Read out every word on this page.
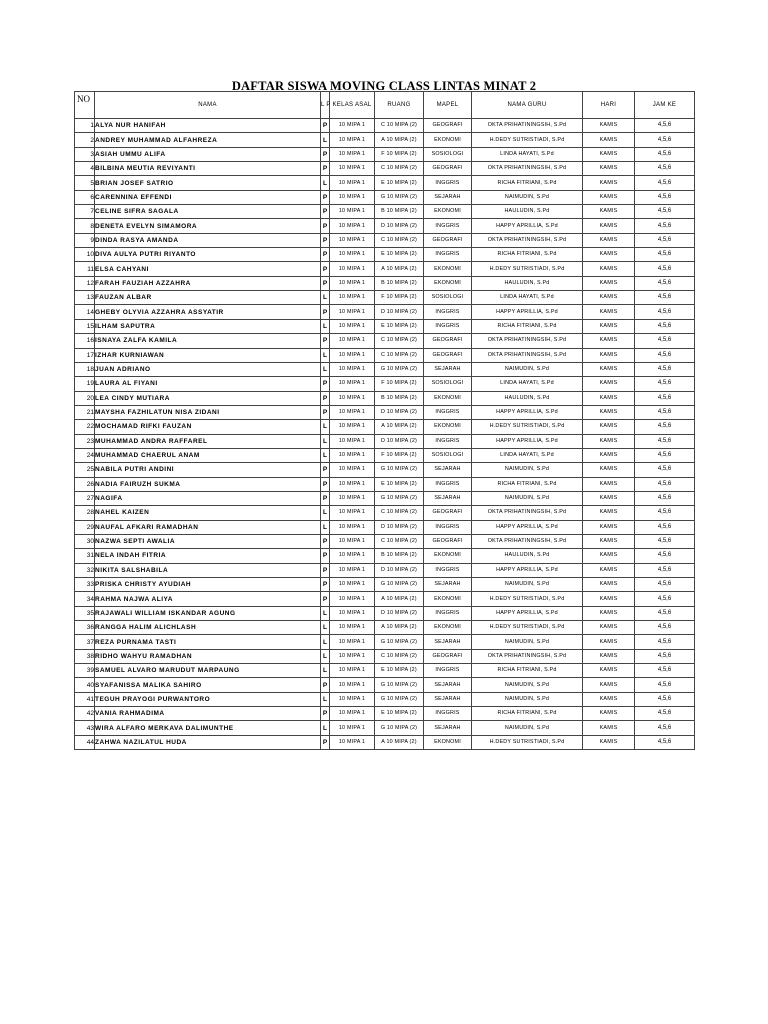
DAFTAR SISWA MOVING CLASS LINTAS MINAT 2
NO	NAMA	L P	KELAS ASAL	RUANG	MAPEL	NAMA GURU	HARI	JAM KE
1	ALYA NUR HANIFAH	P	10 MIPA 1	C 10 MIPA (2)	GEOGRAFI	OKTA PRIHATININGSIH, S.Pd	KAMIS	4,5,6
2	ANDREY MUHAMMAD ALFAHREZA	L	10 MIPA 1	A 10 MIPA (2)	EKONOMI	H.DEDY SUTRISTIADI, S.Pd	KAMIS	4,5,6
3	ASIAH UMMU ALIFA	P	10 MIPA 1	F 10 MIPA (2)	SOSIOLOGI	LINDA HAYATI, S.Pd	KAMIS	4,5,6
4	BILBINA MEUTIA REVIYANTI	P	10 MIPA 1	C 10 MIPA (2)	GEOGRAFI	OKTA PRIHATININGSIH, S.Pd	KAMIS	4,5,6
5	BRIAN JOSEF SATRIO	L	10 MIPA 1	E 10 MIPA (2)	INGGRIS	RICHA FITRIANI, S.Pd	KAMIS	4,5,6
6	CARENNINA EFFENDI	P	10 MIPA 1	G 10 MIPA (2)	SEJARAH	NAIMUDIN, S.Pd	KAMIS	4,5,6
7	CELINE SIFRA SAGALA	P	10 MIPA 1	B 10 MIPA (2)	EKONOMI	HAULUDIN, S.Pd	KAMIS	4,5,6
8	DENETA EVELYN SIMAMORA	P	10 MIPA 1	D 10 MIPA (2)	INGGRIS	HAPPY APRILLIA, S.Pd	KAMIS	4,5,6
9	DINDA RASYA AMANDA	P	10 MIPA 1	C 10 MIPA (2)	GEOGRAFI	OKTA PRIHATININGSIH, S.Pd	KAMIS	4,5,6
10	DIVA AULYA PUTRI RIYANTO	P	10 MIPA 1	E 10 MIPA (2)	INGGRIS	RICHA FITRIANI, S.Pd	KAMIS	4,5,6
11	ELSA CAHYANI	P	10 MIPA 1	A 10 MIPA (2)	EKONOMI	H.DEDY SUTRISTIADI, S.Pd	KAMIS	4,5,6
12	FARAH FAUZIAH AZZAHRA	P	10 MIPA 1	B 10 MIPA (2)	EKONOMI	HAULUDIN, S.Pd	KAMIS	4,5,6
13	FAUZAN ALBAR	L	10 MIPA 1	F 10 MIPA (2)	SOSIOLOGI	LINDA HAYATI, S.Pd	KAMIS	4,5,6
14	GHEBY OLYVIA AZZAHRA ASSYATIR	P	10 MIPA 1	D 10 MIPA (2)	INGGRIS	HAPPY APRILLIA, S.Pd	KAMIS	4,5,6
15	ILHAM SAPUTRA	L	10 MIPA 1	E 10 MIPA (2)	INGGRIS	RICHA FITRIANI, S.Pd	KAMIS	4,5,6
16	ISNAYA ZALFA KAMILA	P	10 MIPA 1	C 10 MIPA (2)	GEOGRAFI	OKTA PRIHATININGSIH, S.Pd	KAMIS	4,5,6
17	IZHAR KURNIAWAN	L	10 MIPA 1	C 10 MIPA (2)	GEOGRAFI	OKTA PRIHATININGSIH, S.Pd	KAMIS	4,5,6
18	JUAN ADRIANO	L	10 MIPA 1	G 10 MIPA (2)	SEJARAH	NAIMUDIN, S.Pd	KAMIS	4,5,6
19	LAURA AL FIYANI	P	10 MIPA 1	F 10 MIPA (2)	SOSIOLOGI	LINDA HAYATI, S.Pd	KAMIS	4,5,6
20	LEA CINDY MUTIARA	P	10 MIPA 1	B 10 MIPA (2)	EKONOMI	HAULUDIN, S.Pd	KAMIS	4,5,6
21	MAYSHA FAZHILATUN NISA ZIDANI	P	10 MIPA 1	D 10 MIPA (2)	INGGRIS	HAPPY APRILLIA, S.Pd	KAMIS	4,5,6
22	MOCHAMAD RIFKI FAUZAN	L	10 MIPA 1	A 10 MIPA (2)	EKONOMI	H.DEDY SUTRISTIADI, S.Pd	KAMIS	4,5,6
23	MUHAMMAD ANDRA RAFFAREL	L	10 MIPA 1	D 10 MIPA (2)	INGGRIS	HAPPY APRILLIA, S.Pd	KAMIS	4,5,6
24	MUHAMMAD CHAERUL ANAM	L	10 MIPA 1	F 10 MIPA (2)	SOSIOLOGI	LINDA HAYATI, S.Pd	KAMIS	4,5,6
25	NABILA PUTRI ANDINI	P	10 MIPA 1	G 10 MIPA (2)	SEJARAH	NAIMUDIN, S.Pd	KAMIS	4,5,6
26	NADIA FAIRUZH SUKMA	P	10 MIPA 1	E 10 MIPA (2)	INGGRIS	RICHA FITRIANI, S.Pd	KAMIS	4,5,6
27	NAGIFA	P	10 MIPA 1	G 10 MIPA (2)	SEJARAH	NAIMUDIN, S.Pd	KAMIS	4,5,6
28	NAHEL KAIZEN	L	10 MIPA 1	C 10 MIPA (2)	GEOGRAFI	OKTA PRIHATININGSIH, S.Pd	KAMIS	4,5,6
29	NAUFAL AFKARI RAMADHAN	L	10 MIPA 1	D 10 MIPA (2)	INGGRIS	HAPPY APRILLIA, S.Pd	KAMIS	4,5,6
30	NAZWA SEPTI AWALIA	P	10 MIPA 1	C 10 MIPA (2)	GEOGRAFI	OKTA PRIHATININGSIH, S.Pd	KAMIS	4,5,6
31	NELA INDAH FITRIA	P	10 MIPA 1	B 10 MIPA (2)	EKONOMI	HAULUDIN, S.Pd	KAMIS	4,5,6
32	NIKITA SALSHABILA	P	10 MIPA 1	D 10 MIPA (2)	INGGRIS	HAPPY APRILLIA, S.Pd	KAMIS	4,5,6
33	PRISKA CHRISTY AYUDIAH	P	10 MIPA 1	G 10 MIPA (2)	SEJARAH	NAIMUDIN, S.Pd	KAMIS	4,5,6
34	RAHMA NAJWA ALIYA	P	10 MIPA 1	A 10 MIPA (2)	EKONOMI	H.DEDY SUTRISTIADI, S.Pd	KAMIS	4,5,6
35	RAJAWALI WILLIAM ISKANDAR AGUNG	L	10 MIPA 1	D 10 MIPA (2)	INGGRIS	HAPPY APRILLIA, S.Pd	KAMIS	4,5,6
36	RANGGA HALIM ALICHLASH	L	10 MIPA 1	A 10 MIPA (2)	EKONOMI	H.DEDY SUTRISTIADI, S.Pd	KAMIS	4,5,6
37	REZA PURNAMA TASTI	L	10 MIPA 1	G 10 MIPA (2)	SEJARAH	NAIMUDIN, S.Pd	KAMIS	4,5,6
38	RIDHO WAHYU RAMADHAN	L	10 MIPA 1	C 10 MIPA (2)	GEOGRAFI	OKTA PRIHATININGSIH, S.Pd	KAMIS	4,5,6
39	SAMUEL ALVARO MARUDUT MARPAUNG	L	10 MIPA 1	E 10 MIPA (2)	INGGRIS	RICHA FITRIANI, S.Pd	KAMIS	4,5,6
40	SYAFANISSA MALIKA SAHIRO	P	10 MIPA 1	G 10 MIPA (2)	SEJARAH	NAIMUDIN, S.Pd	KAMIS	4,5,6
41	TEGUH PRAYOGI PURWANTORO	L	10 MIPA 1	G 10 MIPA (2)	SEJARAH	NAIMUDIN, S.Pd	KAMIS	4,5,6
42	VANIA RAHMADIMA	P	10 MIPA 1	E 10 MIPA (2)	INGGRIS	RICHA FITRIANI, S.Pd	KAMIS	4,5,6
43	WIRA ALFARO MERKAVA DALIMUNTHE	L	10 MIPA 1	G 10 MIPA (2)	SEJARAH	NAIMUDIN, S.Pd	KAMIS	4,5,6
44	ZAHWA NAZILATUL HUDA	P	10 MIPA 1	A 10 MIPA (2)	EKONOMI	H.DEDY SUTRISTIADI, S.Pd	KAMIS	4,5,6
